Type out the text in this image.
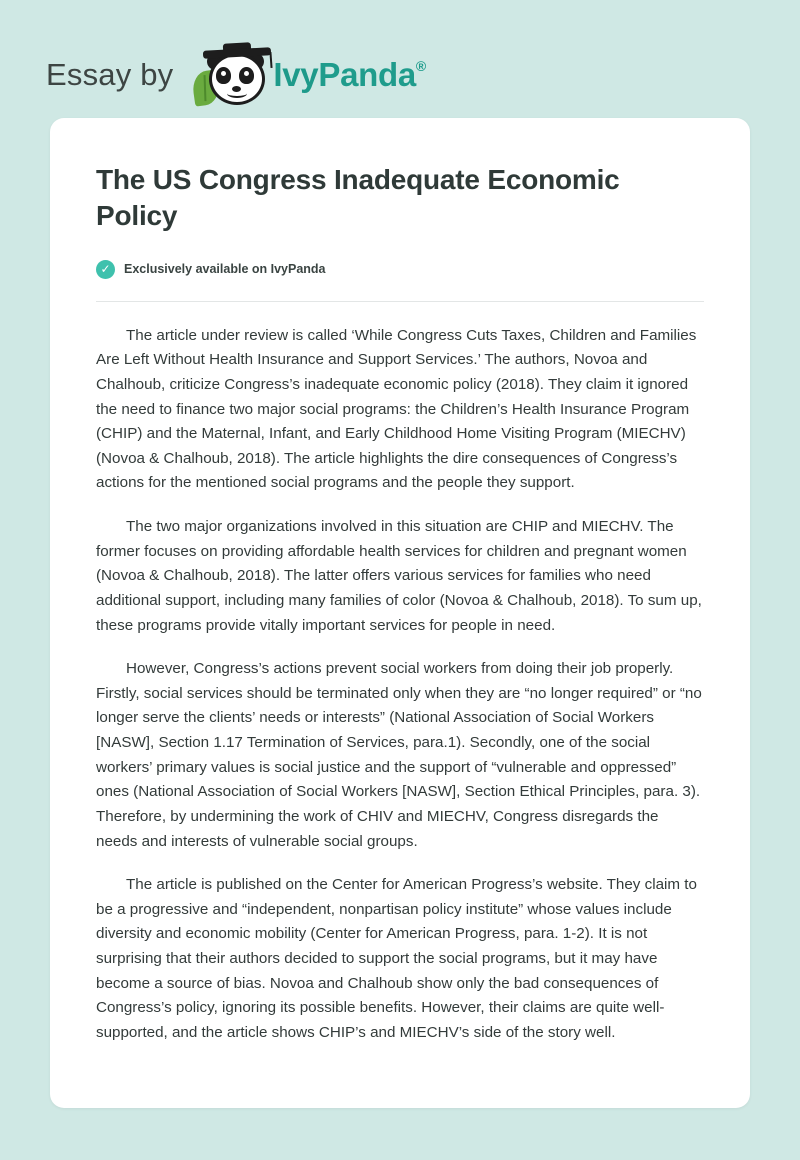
Essay by	IvyPanda®
The US Congress Inadequate Economic Policy
✓	Exclusively available on IvyPanda

The article under review is called ‘While Congress Cuts Taxes, Children and Families Are Left Without Health Insurance and Support Services.’ The authors, Novoa and Chalhoub, criticize Congress’s inadequate economic policy (2018). They claim it ignored the need to finance two major social programs: the Children’s Health Insurance Program (CHIP) and the Maternal, Infant, and Early Childhood Home Visiting Program (MIECHV) (Novoa & Chalhoub, 2018). The article highlights the dire consequences of Congress’s actions for the mentioned social programs and the people they support.

The two major organizations involved in this situation are CHIP and MIECHV. The former focuses on providing affordable health services for children and pregnant women (Novoa & Chalhoub, 2018). The latter offers various services for families who need additional support, including many families of color (Novoa & Chalhoub, 2018). To sum up, these programs provide vitally important services for people in need.

However, Congress’s actions prevent social workers from doing their job properly. Firstly, social services should be terminated only when they are “no longer required” or “no longer serve the clients’ needs or interests” (National Association of Social Workers [NASW], Section 1.17 Termination of Services, para.1). Secondly, one of the social workers’ primary values is social justice and the support of “vulnerable and oppressed” ones (National Association of Social Workers [NASW], Section Ethical Principles, para. 3). Therefore, by undermining the work of CHIV and MIECHV, Congress disregards the needs and interests of vulnerable social groups.

The article is published on the Center for American Progress’s website. They claim to be a progressive and “independent, nonpartisan policy institute” whose values include diversity and economic mobility (Center for American Progress, para. 1-2). It is not surprising that their authors decided to support the social programs, but it may have become a source of bias. Novoa and Chalhoub show only the bad consequences of Congress’s policy, ignoring its possible benefits. However, their claims are quite well-supported, and the article shows CHIP’s and MIECHV’s side of the story well.
